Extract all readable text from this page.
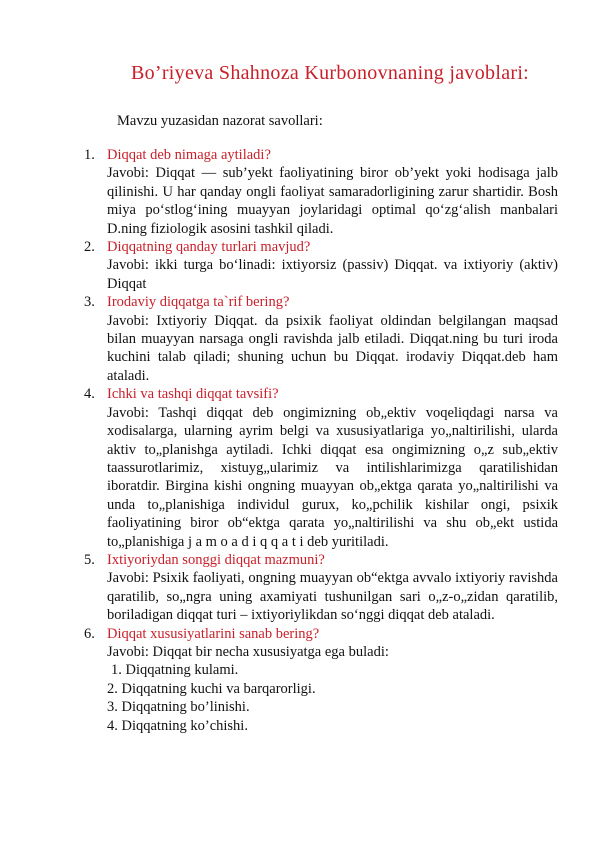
Bo’riyeva Shahnoza Kurbonovnaning javoblari:
Mavzu yuzasidan nazorat savollari:
1. Diqqat deb nimaga aytiladi?
Javobi: Diqqat — sub’yekt faoliyatining biror ob’yekt yoki hodisaga jalb qilinishi. U har qanday ongli faoliyat samaradorligining zarur shartidir. Bosh miya po‘stlog‘ining muayyan joylaridagi optimal qo‘zg‘alish manbalari D.ning fiziologik asosini tashkil qiladi.
2. Diqqatning qanday turlari mavjud?
Javobi: ikki turga bo‘linadi: ixtiyorsiz (passiv) Diqqat. va ixtiyoriy (aktiv) Diqqat
3. Irodaviy diqqatga ta`rif bering?
Javobi: Ixtiyoriy Diqqat. da psixik faoliyat oldindan belgilangan maqsad bilan muayyan narsaga ongli ravishda jalb etiladi. Diqqat.ning bu turi iroda kuchini talab qiladi; shuning uchun bu Diqqat. irodaviy Diqqat.deb ham ataladi.
4. Ichki va tashqi diqqat tavsifi?
Javobi: Tashqi diqqat deb ongimizning ob„ektiv voqeliqdagi narsa va xodisalarga, ularning ayrim belgi va xususiyatlariga yo„naltirilishi, ularda aktiv to„planishga aytiladi. Ichki diqqat esa ongimizning o„z sub„ektiv taassurotlarimiz, xistuyg„ularimiz va intilishlarimizga qaratilishidan iboratdir. Birgina kishi ongning muayyan ob„ektga qarata yo„naltirilishi va unda to„planishiga individul gurux, ko„pchilik kishilar ongi, psixik faoliyatining biror ob“ektga qarata yo„naltirilishi va shu ob„ekt ustida to„planishiga j a m o a d i q q a t i deb yuritiladi.
5. Ixtiyoriydan songgi diqqat mazmuni?
Javobi: Psixik faoliyati, ongning muayyan ob“ektga avvalo ixtiyoriy ravishda qaratilib, so„ngra uning axamiyati tushunilgan sari o„z-o„zidan qaratilib, boriladigan diqqat turi – ixtiyoriylikdan so‘nggi diqqat deb ataladi.
6. Diqqat xususiyatlarini sanab bering?
Javobi: Diqqat bir necha xususiyatga ega buladi:
1. Diqqatning kulami.
2. Diqqatning kuchi va barqarorligi.
3. Diqqatning bo’linishi.
4. Diqqatning ko’chishi.
